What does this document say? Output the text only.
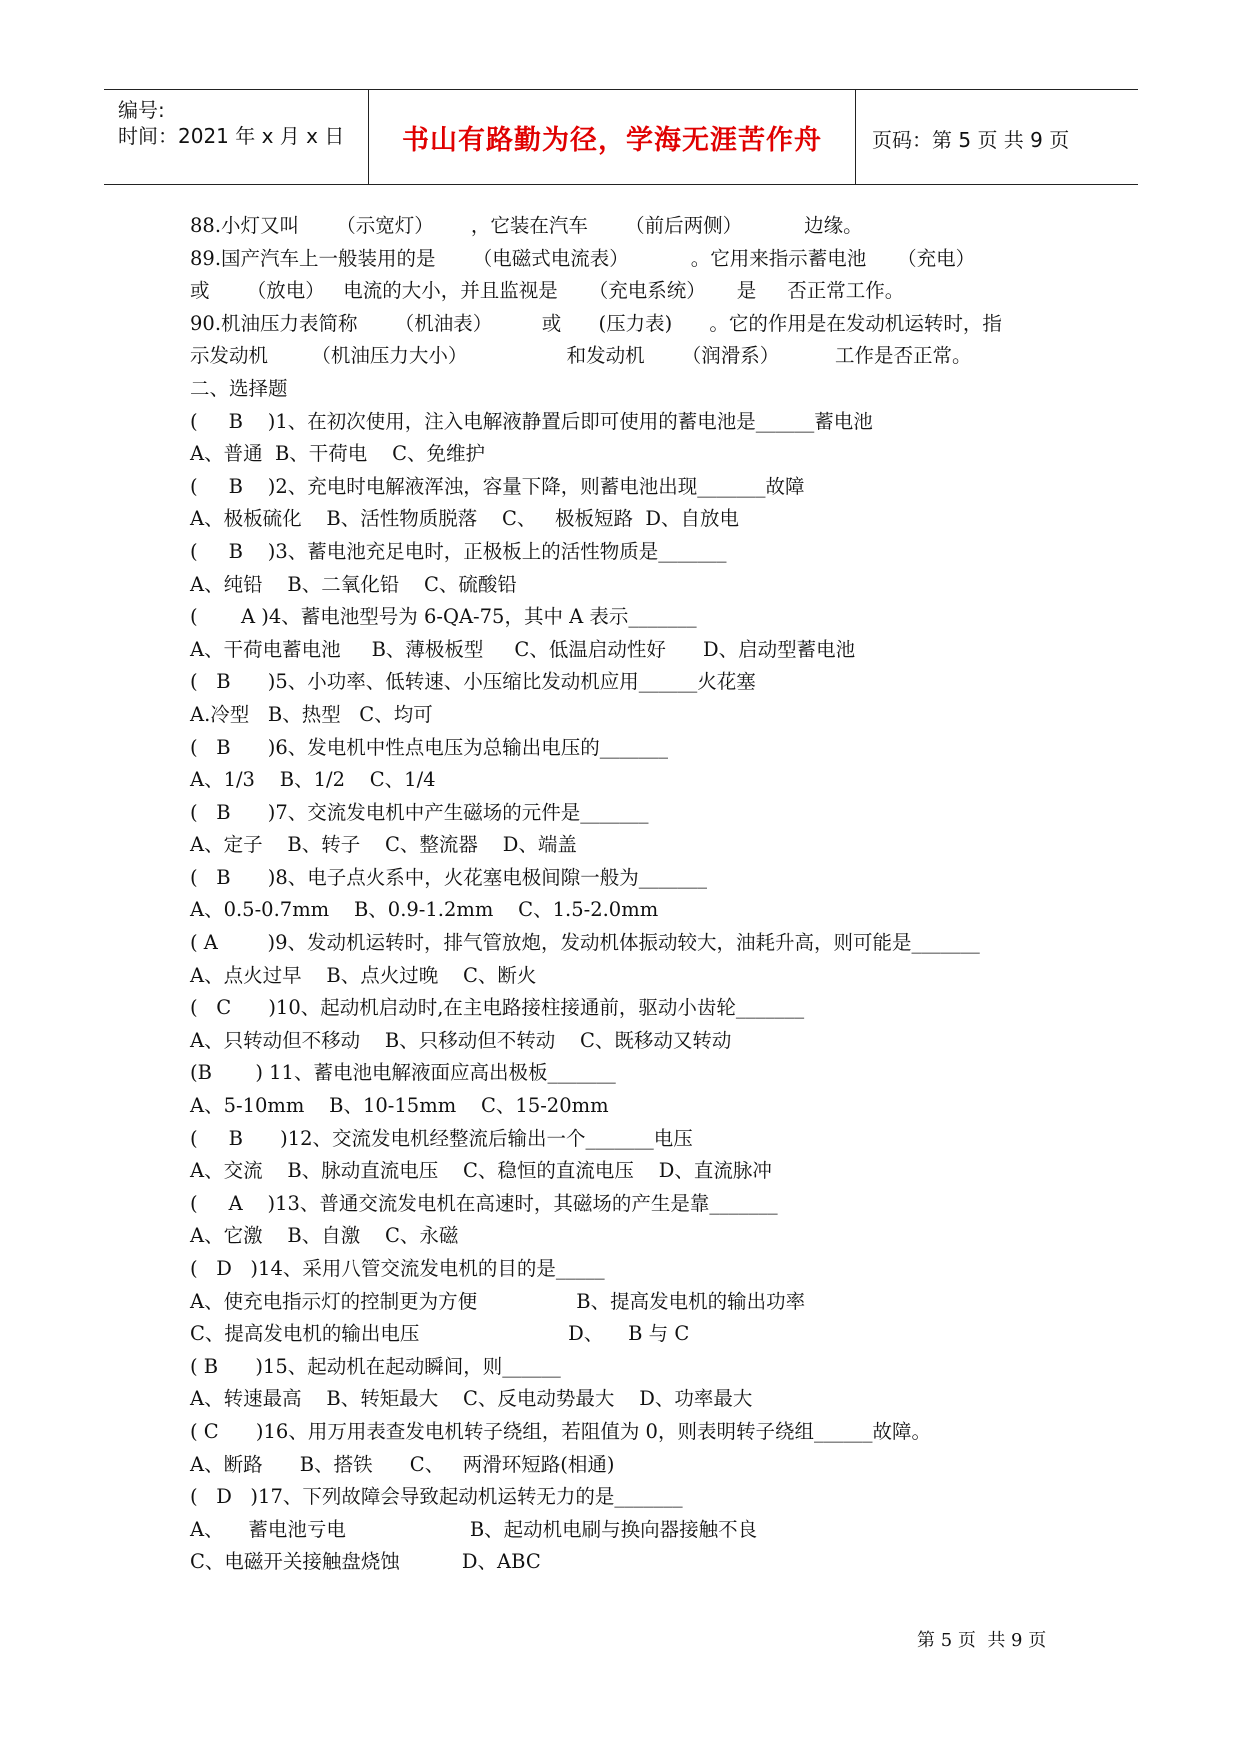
编号:
时间：2021 年 x 月 x 日	书山有路勤为径，学海无涯苦作舟	页码：第 5 页 共 9 页
88.小灯又叫      （示宽灯）      ，它装在汽车      （前后两侧）          边缘。
89.国产汽车上一般装用的是      （电磁式电流表）          。它用来指示蓄电池     （充电）
或      （放电）   电流的大小，并且监视是     （充电系统）     是     否正常工作。
90.机油压力表简称      （机油表）        或      (压力表)      。它的作用是在发动机运转时，指
示发动机       （机油压力大小）                和发动机      （润滑系）         工作是否正常。
二、选择题
(     B    )1、在初次使用，注入电解液静置后即可使用的蓄电池是______蓄电池
A、普通  B、干荷电    C、免维护
(     B    )2、充电时电解液浑浊，容量下降，则蓄电池出现_______故障
A、极板硫化    B、活性物质脱落    C、   极板短路  D、自放电
(     B    )3、蓄电池充足电时，正极板上的活性物质是_______
A、纯铅    B、二氧化铅    C、硫酸铅
(       A )4、蓄电池型号为 6-QA-75，其中 A 表示_______
A、干荷电蓄电池     B、薄极板型     C、低温启动性好      D、启动型蓄电池
(   B      )5、小功率、低转速、小压缩比发动机应用______火花塞
A.冷型   B、热型   C、均可
(   B      )6、发电机中性点电压为总输出电压的_______
A、1/3    B、1/2    C、1/4
(   B      )7、交流发电机中产生磁场的元件是_______
A、定子    B、转子    C、整流器    D、端盖
(   B      )8、电子点火系中，火花塞电极间隙一般为_______
A、0.5-0.7mm    B、0.9-1.2mm    C、1.5-2.0mm
( A        )9、发动机运转时，排气管放炮，发动机体振动较大，油耗升高，则可能是_______
A、点火过早    B、点火过晚    C、断火
(   C      )10、起动机启动时,在主电路接柱接通前，驱动小齿轮_______
A、只转动但不移动    B、只移动但不转动    C、既移动又转动
(B       ) 11、蓄电池电解液面应高出极板_______
A、5-10mm    B、10-15mm    C、15-20mm
(     B      )12、交流发电机经整流后输出一个_______电压
A、交流    B、脉动直流电压    C、稳恒的直流电压    D、直流脉冲
(     A    )13、普通交流发电机在高速时，其磁场的产生是靠_______
A、它激    B、自激    C、永磁
(   D   )14、采用八管交流发电机的目的是_____
A、使充电指示灯的控制更为方便                B、提高发电机的输出功率
C、提高发电机的输出电压                        D、    B 与 C
( B      )15、起动机在起动瞬间，则______
A、转速最高    B、转矩最大    C、反电动势最大    D、功率最大
( C      )16、用万用表查发电机转子绕组，若阻值为 0，则表明转子绕组______故障。
A、断路      B、搭铁      C、   两滑环短路(相通)
(   D   )17、下列故障会导致起动机运转无力的是_______
A、    蓄电池亏电                    B、起动机电刷与换向器接触不良
C、电磁开关接触盘烧蚀          D、ABC
第 5 页  共 9 页
